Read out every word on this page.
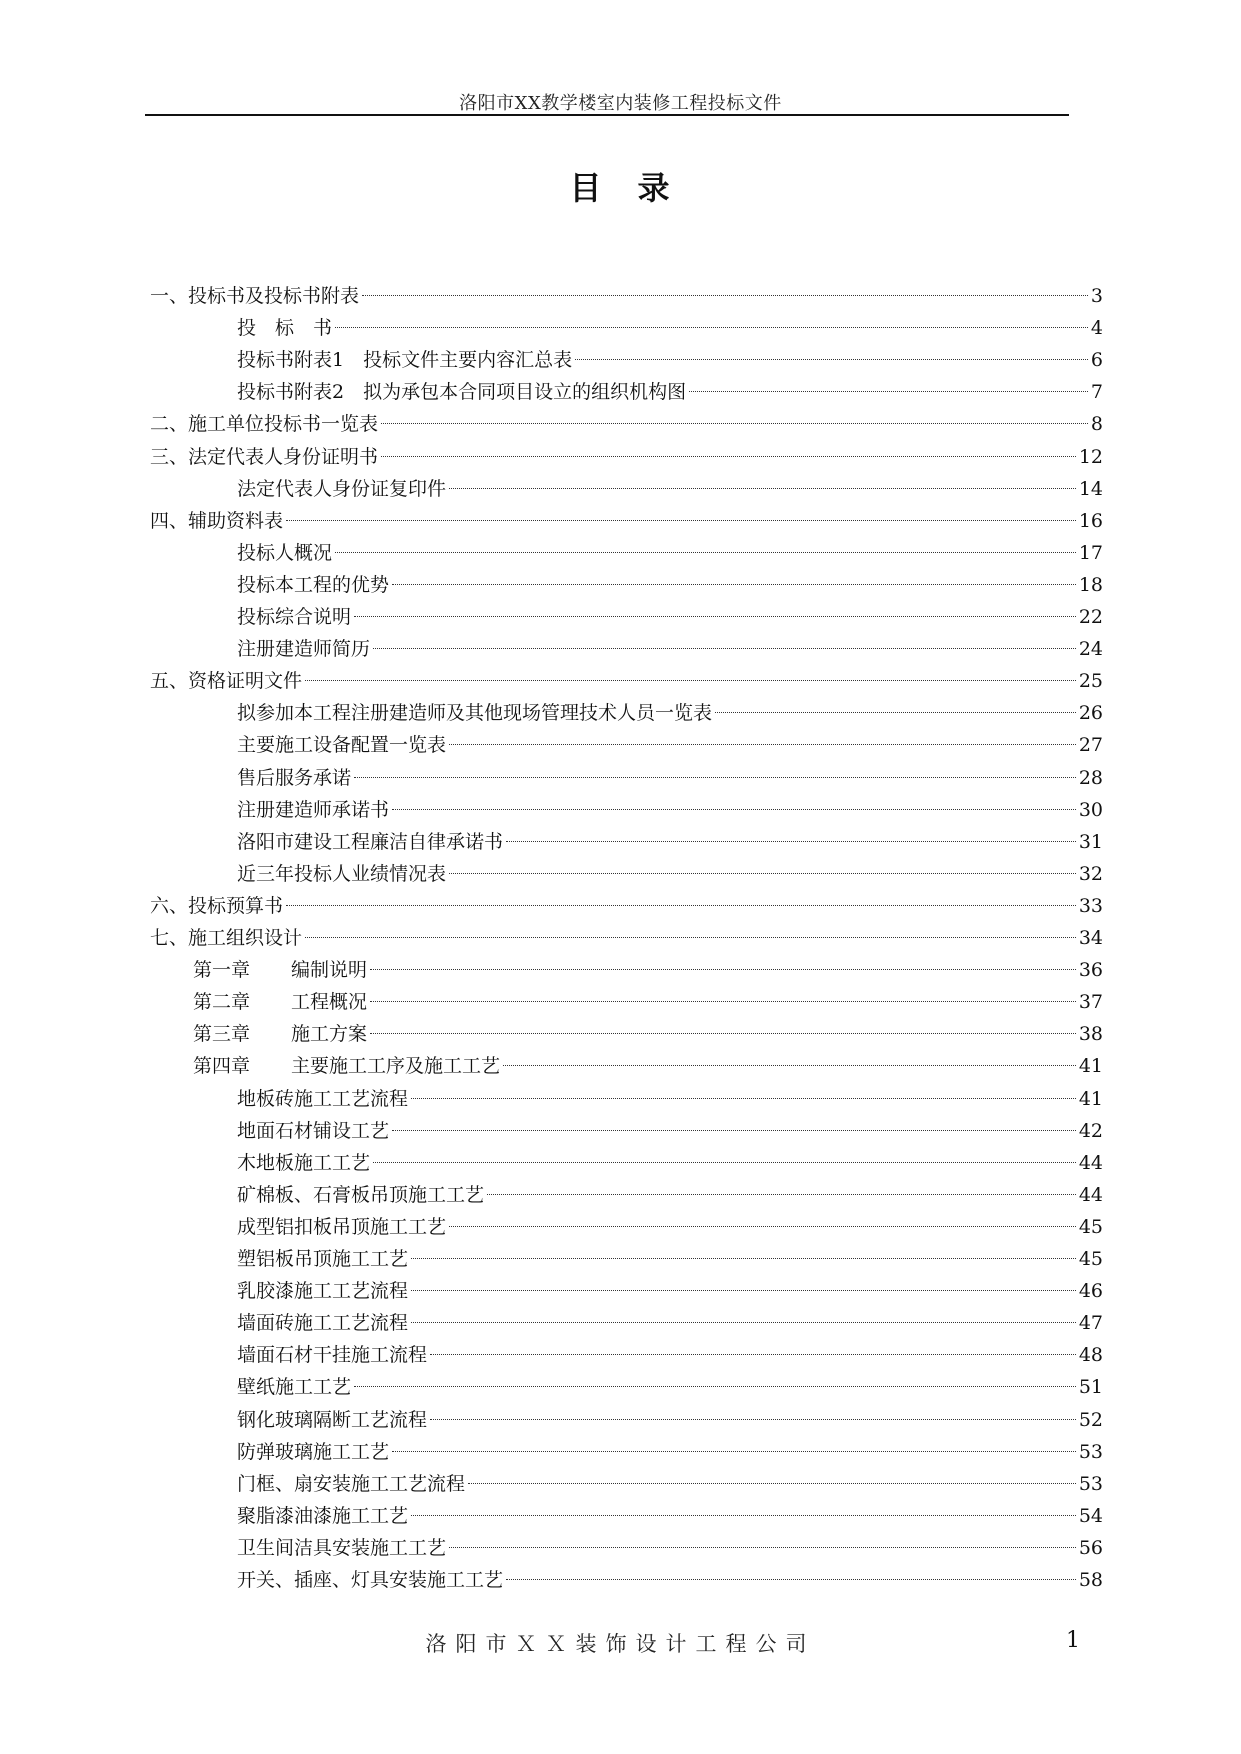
洛阳市XX教学楼室内装修工程投标文件
目　录
一、投标书及投标书附表	3
投　标　书	4
投标书附表1　投标文件主要内容汇总表	6
投标书附表2　拟为承包本合同项目设立的组织机构图	7
二、施工单位投标书一览表	8
三、法定代表人身份证明书	12
法定代表人身份证复印件	14
四、辅助资料表	16
投标人概况	17
投标本工程的优势	18
投标综合说明	22
注册建造师简历	24
五、资格证明文件	25
拟参加本工程注册建造师及其他现场管理技术人员一览表	26
主要施工设备配置一览表	27
售后服务承诺	28
注册建造师承诺书	30
洛阳市建设工程廉洁自律承诺书	31
近三年投标人业绩情况表	32
六、投标预算书	33
七、施工组织设计	34
第一章 编制说明	36
第二章 工程概况	37
第三章 施工方案	38
第四章 主要施工工序及施工工艺	41
地板砖施工工艺流程	41
地面石材铺设工艺	42
木地板施工工艺	44
矿棉板、石膏板吊顶施工工艺	44
成型铝扣板吊顶施工工艺	45
塑铝板吊顶施工工艺	45
乳胶漆施工工艺流程	46
墙面砖施工工艺流程	47
墙面石材干挂施工流程	48
壁纸施工工艺	51
钢化玻璃隔断工艺流程	52
防弹玻璃施工工艺	53
门框、扇安装施工工艺流程	53
聚脂漆油漆施工工艺	54
卫生间洁具安装施工工艺	56
开关、插座、灯具安装施工工艺	58
洛阳市ＸＸ装饰设计工程公司	1
